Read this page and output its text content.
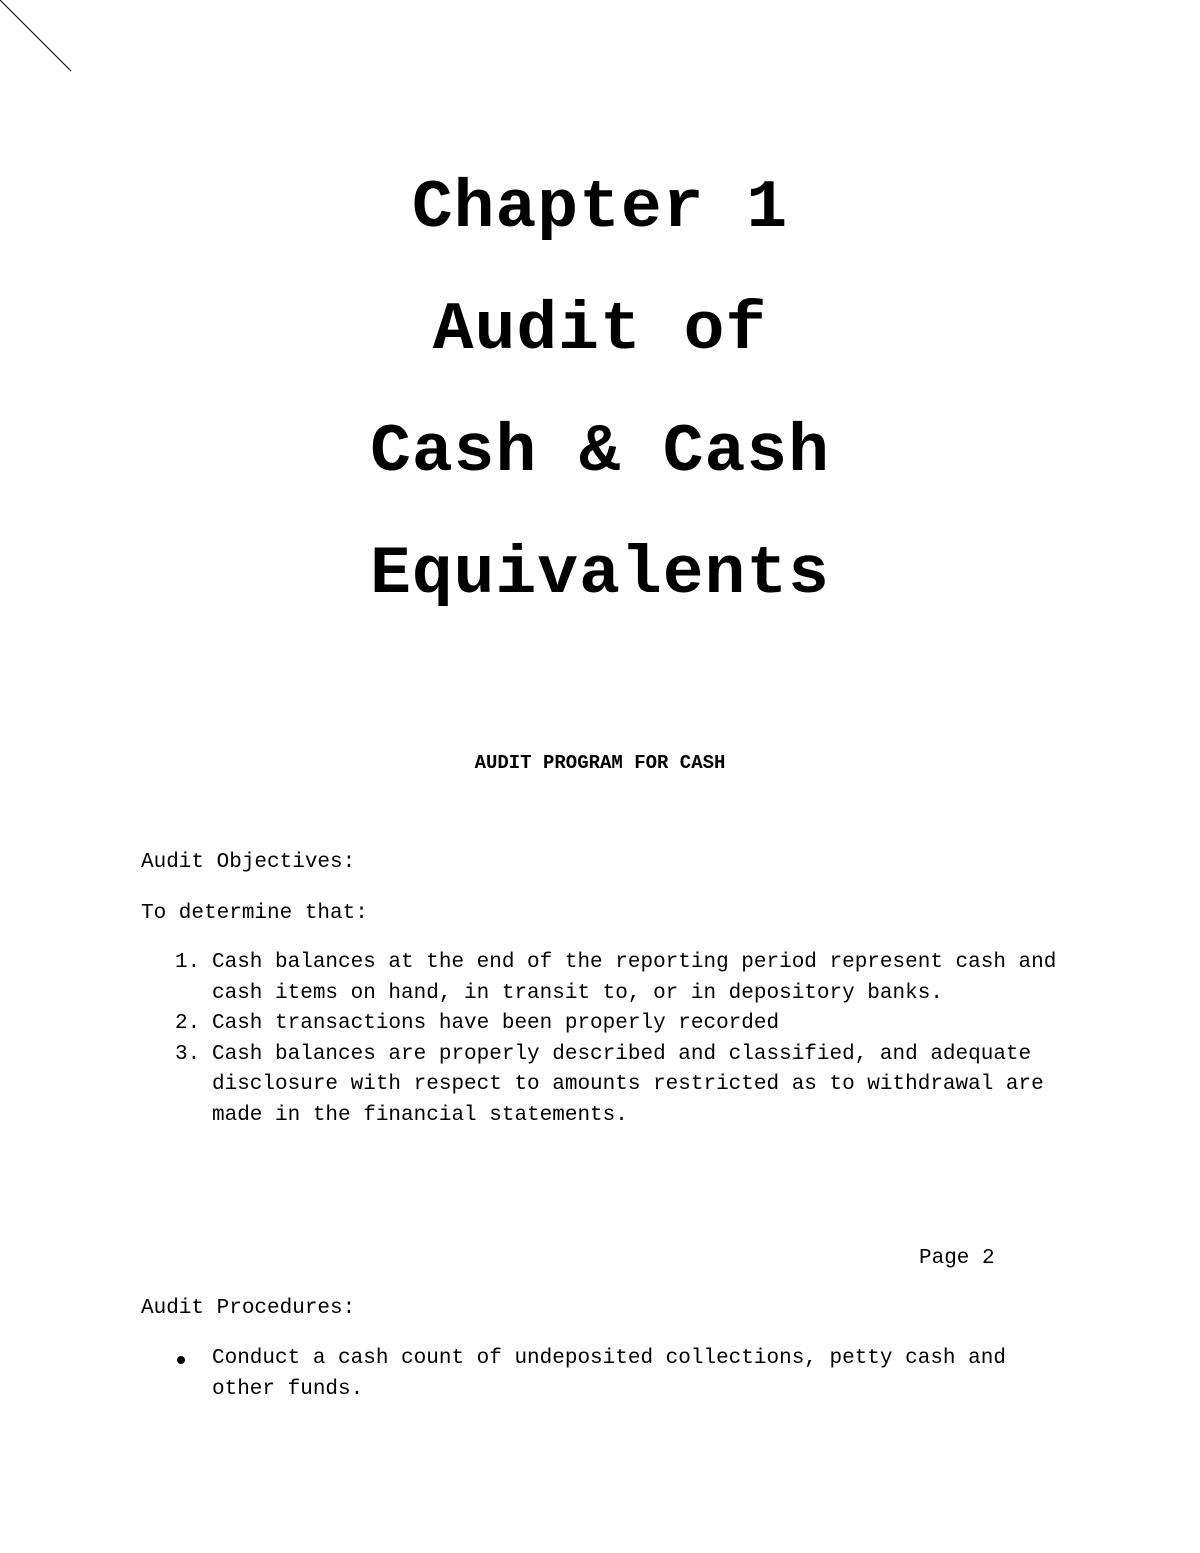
Chapter 1
Audit of
Cash & Cash
Equivalents
AUDIT PROGRAM FOR CASH
Audit Objectives:
To determine that:
1. Cash balances at the end of the reporting period represent cash and cash items on hand, in transit to, or in depository banks.
2. Cash transactions have been properly recorded
3. Cash balances are properly described and classified, and adequate disclosure with respect to amounts restricted as to withdrawal are made in the financial statements.
Page 2
Audit Procedures:
Conduct a cash count of undeposited collections, petty cash and other funds.
